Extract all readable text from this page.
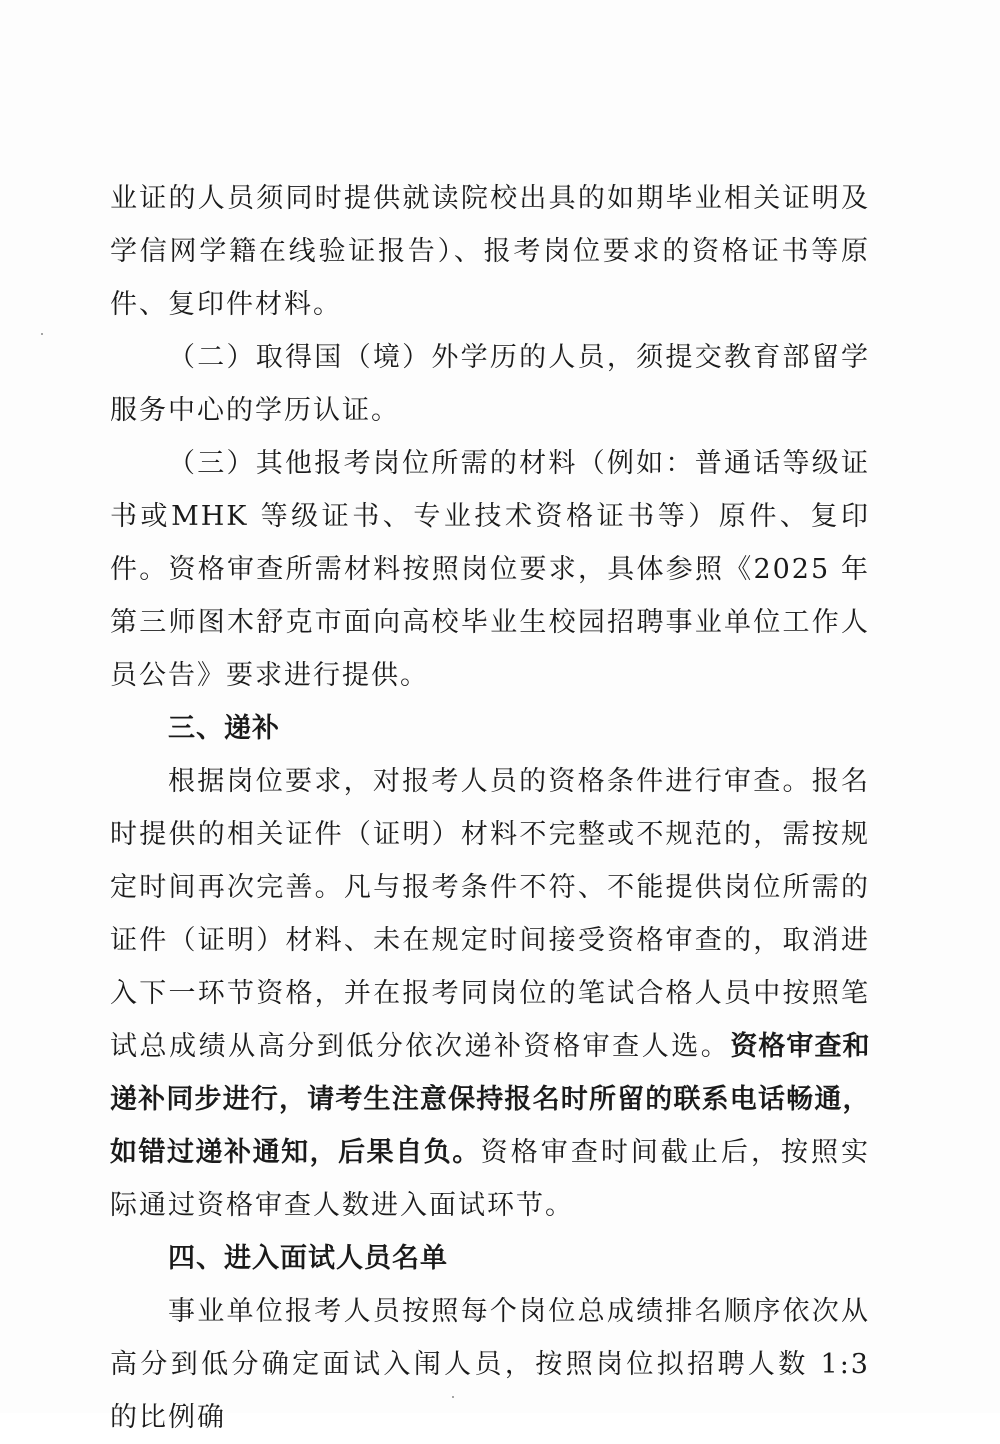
业证的人员须同时提供就读院校出具的如期毕业相关证明及学信网学籍在线验证报告）、报考岗位要求的资格证书等原件、复印件材料。

（二）取得国（境）外学历的人员，须提交教育部留学服务中心的学历认证。

（三）其他报考岗位所需的材料（例如：普通话等级证书或MHK 等级证书、专业技术资格证书等）原件、复印件。资格审查所需材料按照岗位要求，具体参照《2025 年第三师图木舒克市面向高校毕业生校园招聘事业单位工作人员公告》要求进行提供。

三、递补

根据岗位要求，对报考人员的资格条件进行审查。报名时提供的相关证件（证明）材料不完整或不规范的，需按规定时间再次完善。凡与报考条件不符、不能提供岗位所需的证件（证明）材料、未在规定时间接受资格审查的，取消进入下一环节资格，并在报考同岗位的笔试合格人员中按照笔试总成绩从高分到低分依次递补资格审查人选。资格审查和递补同步进行，请考生注意保持报名时所留的联系电话畅通，如错过递补通知，后果自负。资格审查时间截止后，按照实际通过资格审查人数进入面试环节。

四、进入面试人员名单

事业单位报考人员按照每个岗位总成绩排名顺序依次从高分到低分确定面试入闱人员，按照岗位拟招聘人数 1:3 的比例确
